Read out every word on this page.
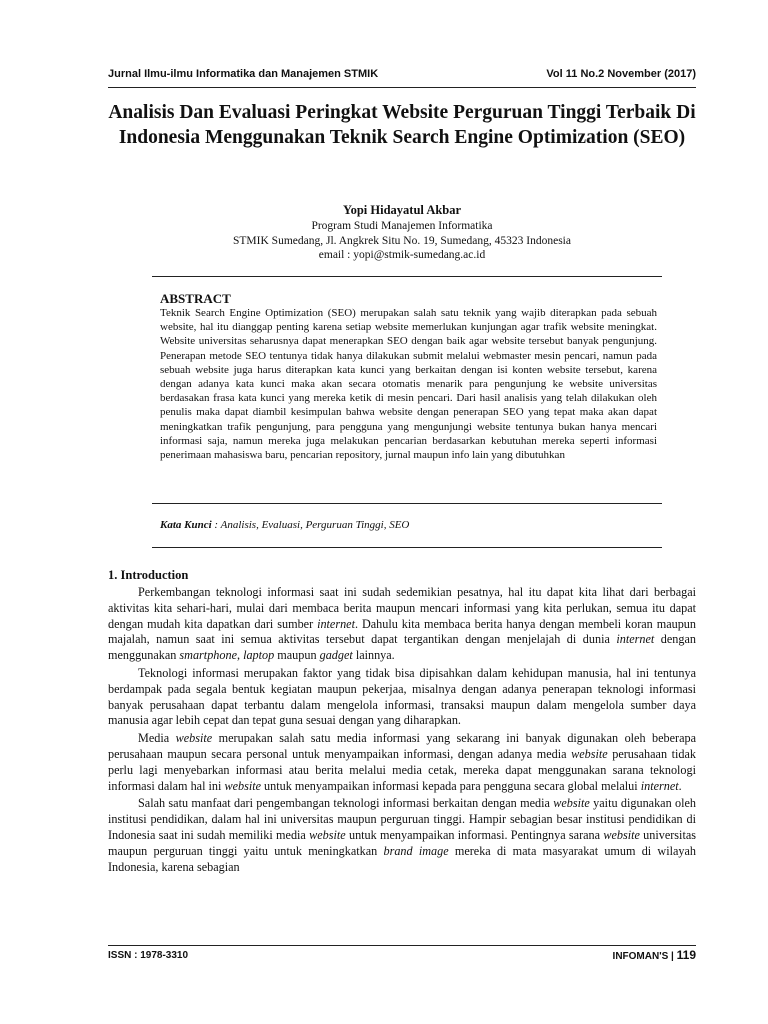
Jurnal Ilmu-ilmu Informatika dan Manajemen STMIK	Vol 11 No.2 November (2017)
Analisis Dan Evaluasi Peringkat Website Perguruan Tinggi Terbaik Di Indonesia Menggunakan Teknik Search Engine Optimization (SEO)
Yopi Hidayatul Akbar
Program Studi Manajemen Informatika
STMIK Sumedang, Jl. Angkrek Situ No. 19, Sumedang, 45323 Indonesia
email : yopi@stmik-sumedang.ac.id
ABSTRACT
Teknik Search Engine Optimization (SEO) merupakan salah satu teknik yang wajib diterapkan pada sebuah website, hal itu dianggap penting karena setiap website memerlukan kunjungan agar trafik website meningkat. Website universitas seharusnya dapat menerapkan SEO dengan baik agar website tersebut banyak pengunjung. Penerapan metode SEO tentunya tidak hanya dilakukan submit melalui webmaster mesin pencari, namun pada sebuah website juga harus diterapkan kata kunci yang berkaitan dengan isi konten website tersebut, karena dengan adanya kata kunci maka akan secara otomatis menarik para pengunjung ke website universitas berdasakan frasa kata kunci yang mereka ketik di mesin pencari. Dari hasil analisis yang telah dilakukan oleh penulis maka dapat diambil kesimpulan bahwa website dengan penerapan SEO yang tepat maka akan dapat meningkatkan trafik pengunjung, para pengguna yang mengunjungi website tentunya bukan hanya mencari informasi saja, namun mereka juga melakukan pencarian berdasarkan kebutuhan mereka seperti informasi penerimaan mahasiswa baru, pencarian repository, jurnal maupun info lain yang dibutuhkan
Kata Kunci : Analisis, Evaluasi, Perguruan Tinggi, SEO
1. Introduction

Perkembangan teknologi informasi saat ini sudah sedemikian pesatnya, hal itu dapat kita lihat dari berbagai aktivitas kita sehari-hari, mulai dari membaca berita maupun mencari informasi yang kita perlukan, semua itu dapat dengan mudah kita dapatkan dari sumber internet. Dahulu kita membaca berita hanya dengan membeli koran maupun majalah, namun saat ini semua aktivitas tersebut dapat tergantikan dengan menjelajah di dunia internet dengan menggunakan smartphone, laptop maupun gadget lainnya.

Teknologi informasi merupakan faktor yang tidak bisa dipisahkan dalam kehidupan manusia, hal ini tentunya berdampak pada segala bentuk kegiatan maupun pekerjaa, misalnya dengan adanya penerapan teknologi informasi banyak perusahaan dapat terbantu dalam mengelola informasi, transaksi maupun dalam mengelola sumber daya manusia agar lebih cepat dan tepat guna sesuai dengan yang diharapkan.

Media website merupakan salah satu media informasi yang sekarang ini banyak digunakan oleh beberapa perusahaan maupun secara personal untuk menyampaikan informasi, dengan adanya media website perusahaan tidak perlu lagi menyebarkan informasi atau berita melalui media cetak, mereka dapat menggunakan sarana teknologi informasi dalam hal ini website untuk menyampaikan informasi kepada para pengguna secara global melalui internet.

Salah satu manfaat dari pengembangan teknologi informasi berkaitan dengan media website yaitu digunakan oleh institusi pendidikan, dalam hal ini universitas maupun perguruan tinggi. Hampir sebagian besar institusi pendidikan di Indonesia saat ini sudah memiliki media website untuk menyampaikan informasi. Pentingnya sarana website universitas maupun perguruan tinggi yaitu untuk meningkatkan brand image mereka di mata masyarakat umum di wilayah Indonesia, karena sebagian

ISSN : 1978-3310	INFOMAN'S | 119
